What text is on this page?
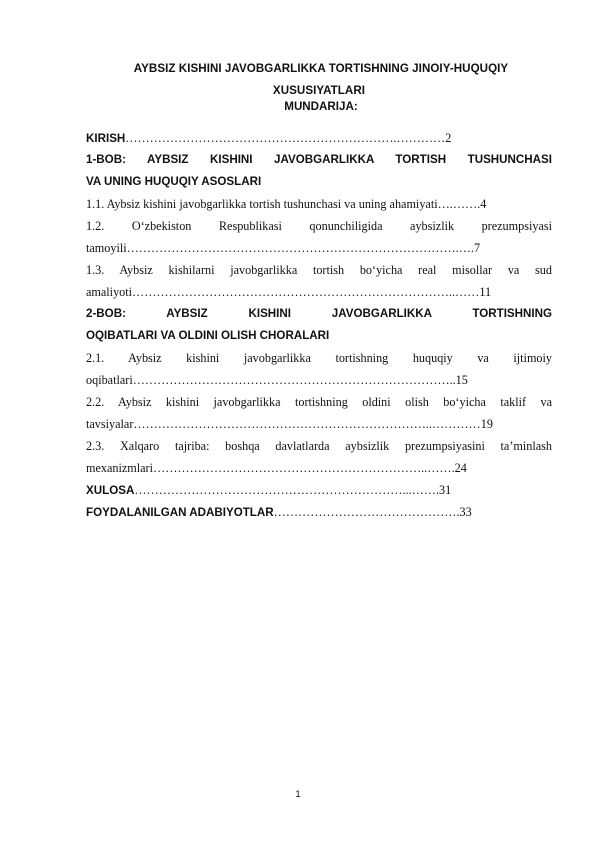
AYBSIZ KISHINI JAVOBGARLIKKA TORTISHNING JINOIY-HUQUQIY
XUSUSIYATLARI
MUNDARIJA:
KIRISH………………………………………………………….…………2
1-BOB: AYBSIZ KISHINI JAVOBGARLIKKA TORTISH TUSHUNCHASI
VA UNING HUQUQIY ASOSLARI
1.1. Aybsiz kishini javobgarlikka tortish tushunchasi va uning ahamiyati….…….4
1.2. O‘zbekiston Respublikasi qonunchiligida aybsizlik prezumpsiyasi
tamoyili……………………………………………………………………….….7
1.3. Aybsiz kishilarni javobgarlikka tortish bo‘yicha real misollar va sud
amaliyoti……………………………………………………………………..……11
2-BOB: AYBSIZ KISHINI JAVOBGARLIKKA TORTISHNING
OQIBATLARI VA OLDINI OLISH CHORALARI
2.1. Aybsiz kishini javobgarlikka tortishning huquqiy va ijtimoiy
oqibatlari……………………………………………………………………..15
2.2. Aybsiz kishini javobgarlikka tortishning oldini olish bo‘yicha taklif va
tavsiyalar………………………………………………………………..…………19
2.3. Xalqaro tajriba: boshqa davlatlarda aybsizlik prezumpsiyasini ta’minlash
mexanizmlari…………………………………………………………..…….24
XULOSA…………………………………………………………...…….31
FOYDALANILGAN ADABIYOTLAR……………………………………….33
1
